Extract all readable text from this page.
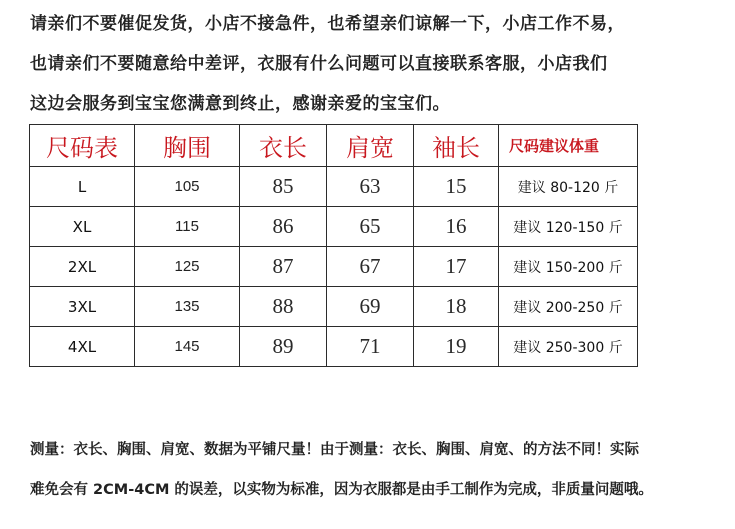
请亲们不要催促发货，小店不接急件，也希望亲们谅解一下，小店工作不易，
也请亲们不要随意给中差评，衣服有什么问题可以直接联系客服，小店我们
这边会服务到宝宝您满意到终止，感谢亲爱的宝宝们。
尺码表	胸围	衣长	肩宽	袖长	尺码建议体重
L	105	85	63	15	建议 80-120 斤
XL	115	86	65	16	建议 120-150 斤
2XL	125	87	67	17	建议 150-200 斤
3XL	135	88	69	18	建议 200-250 斤
4XL	145	89	71	19	建议 250-300 斤
测量：衣长、胸围、肩宽、数据为平铺尺量！由于测量：衣长、胸围、肩宽、的方法不同！实际
难免会有 2CM-4CM 的误差，以实物为标准，因为衣服都是由手工制作为完成，非质量问题哦。
